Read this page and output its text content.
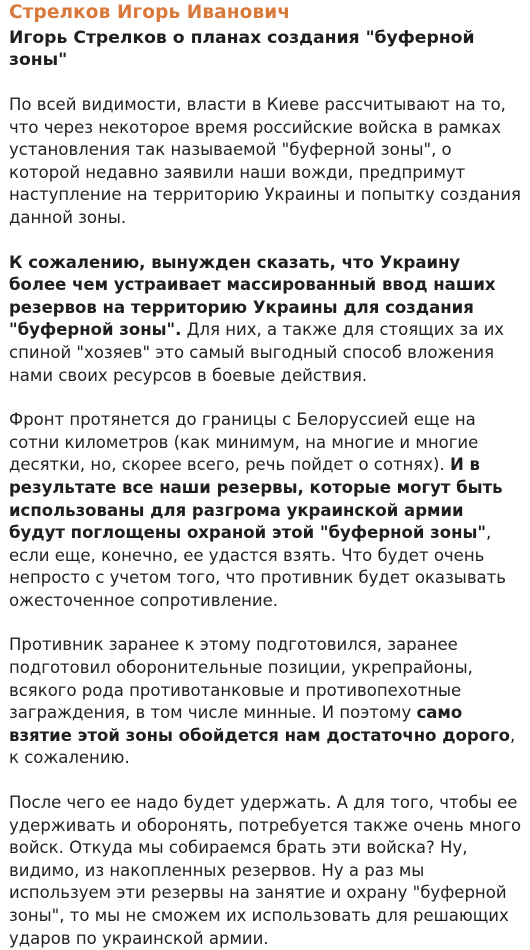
Стрелков Игорь Иванович
Игорь Стрелков о планах создания "буферной зоны"

По всей видимости, власти в Киеве рассчитывают на то, что через некоторое время российские войска в рамках установления так называемой "буферной зоны", о которой недавно заявили наши вожди, предпримут наступление на территорию Украины и попытку создания данной зоны.

К сожалению, вынужден сказать, что Украину более чем устраивает массированный ввод наших резервов на территорию Украины для создания "буферной зоны". Для них, а также для стоящих за их спиной "хозяев" это самый выгодный способ вложения нами своих ресурсов в боевые действия.

Фронт протянется до границы с Белоруссией еще на сотни километров (как минимум, на многие и многие десятки, но, скорее всего, речь пойдет о сотнях). И в результате все наши резервы, которые могут быть использованы для разгрома украинской армии будут поглощены охраной этой "буферной зоны", если еще, конечно, ее удастся взять. Что будет очень непросто с учетом того, что противник будет оказывать ожесточенное сопротивление.

Противник заранее к этому подготовился, заранее подготовил оборонительные позиции, укрепрайоны, всякого рода противотанковые и противопехотные заграждения, в том числе минные. И поэтому само взятие этой зоны обойдется нам достаточно дорого, к сожалению.

После чего ее надо будет удержать. А для того, чтобы ее удерживать и оборонять, потребуется также очень много войск. Откуда мы собираемся брать эти войска? Ну, видимо, из накопленных резервов. Ну а раз мы используем эти резервы на занятие и охрану "буферной зоны", то мы не сможем их использовать для решающих ударов по украинской армии.
